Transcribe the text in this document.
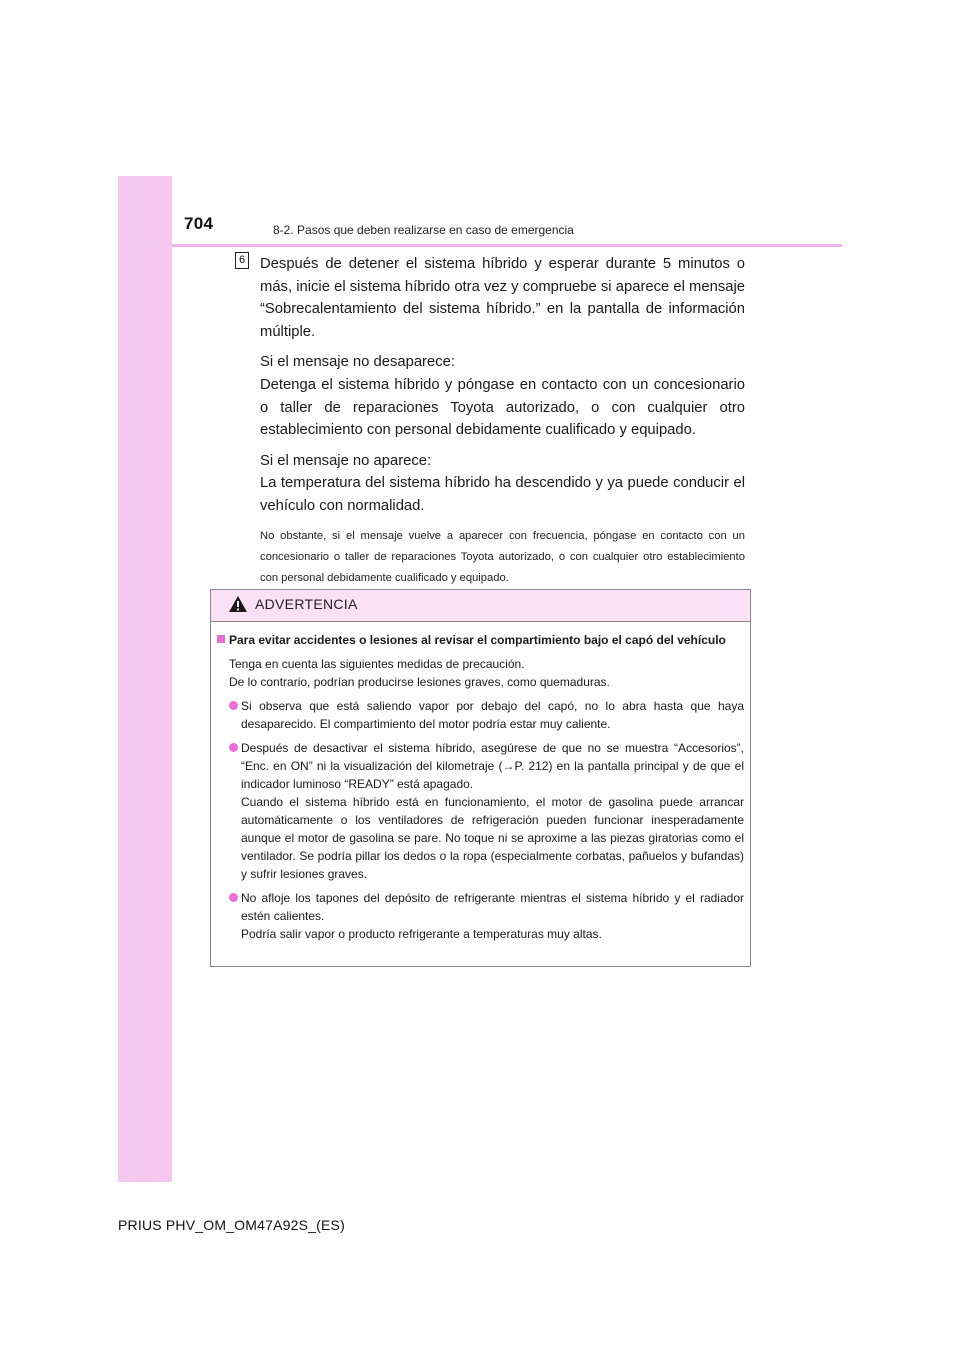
704	8-2. Pasos que deben realizarse en caso de emergencia
6 Después de detener el sistema híbrido y esperar durante 5 minutos o más, inicie el sistema híbrido otra vez y compruebe si aparece el mensaje “Sobrecalentamiento del sistema híbrido.” en la pantalla de información múltiple.

Si el mensaje no desaparece:

Detenga el sistema híbrido y póngase en contacto con un concesionario o taller de reparaciones Toyota autorizado, o con cualquier otro establecimiento con personal debidamente cualificado y equipado.

Si el mensaje no aparece:

La temperatura del sistema híbrido ha descendido y ya puede conducir el vehículo con normalidad.

No obstante, si el mensaje vuelve a aparecer con frecuencia, póngase en contacto con un concesionario o taller de reparaciones Toyota autorizado, o con cualquier otro establecimiento con personal debidamente cualificado y equipado.

ADVERTENCIA

Para evitar accidentes o lesiones al revisar el compartimiento bajo el capó del vehículo

Tenga en cuenta las siguientes medidas de precaución.

De lo contrario, podrían producirse lesiones graves, como quemaduras.

Si observa que está saliendo vapor por debajo del capó, no lo abra hasta que haya desaparecido. El compartimiento del motor podría estar muy caliente.

Después de desactivar el sistema híbrido, asegúrese de que no se muestra “Accesorios”, “Enc. en ON” ni la visualización del kilometraje (→P. 212) en la pantalla principal y de que el indicador luminoso “READY” está apagado.
Cuando el sistema híbrido está en funcionamiento, el motor de gasolina puede arrancar automáticamente o los ventiladores de refrigeración pueden funcionar inesperadamente aunque el motor de gasolina se pare. No toque ni se aproxime a las piezas giratorias como el ventilador. Se podría pillar los dedos o la ropa (especialmente corbatas, pañuelos y bufandas) y sufrir lesiones graves.

No afloje los tapones del depósito de refrigerante mientras el sistema híbrido y el radiador estén calientes.
Podría salir vapor o producto refrigerante a temperaturas muy altas.

PRIUS PHV_OM_OM47A92S_(ES)
